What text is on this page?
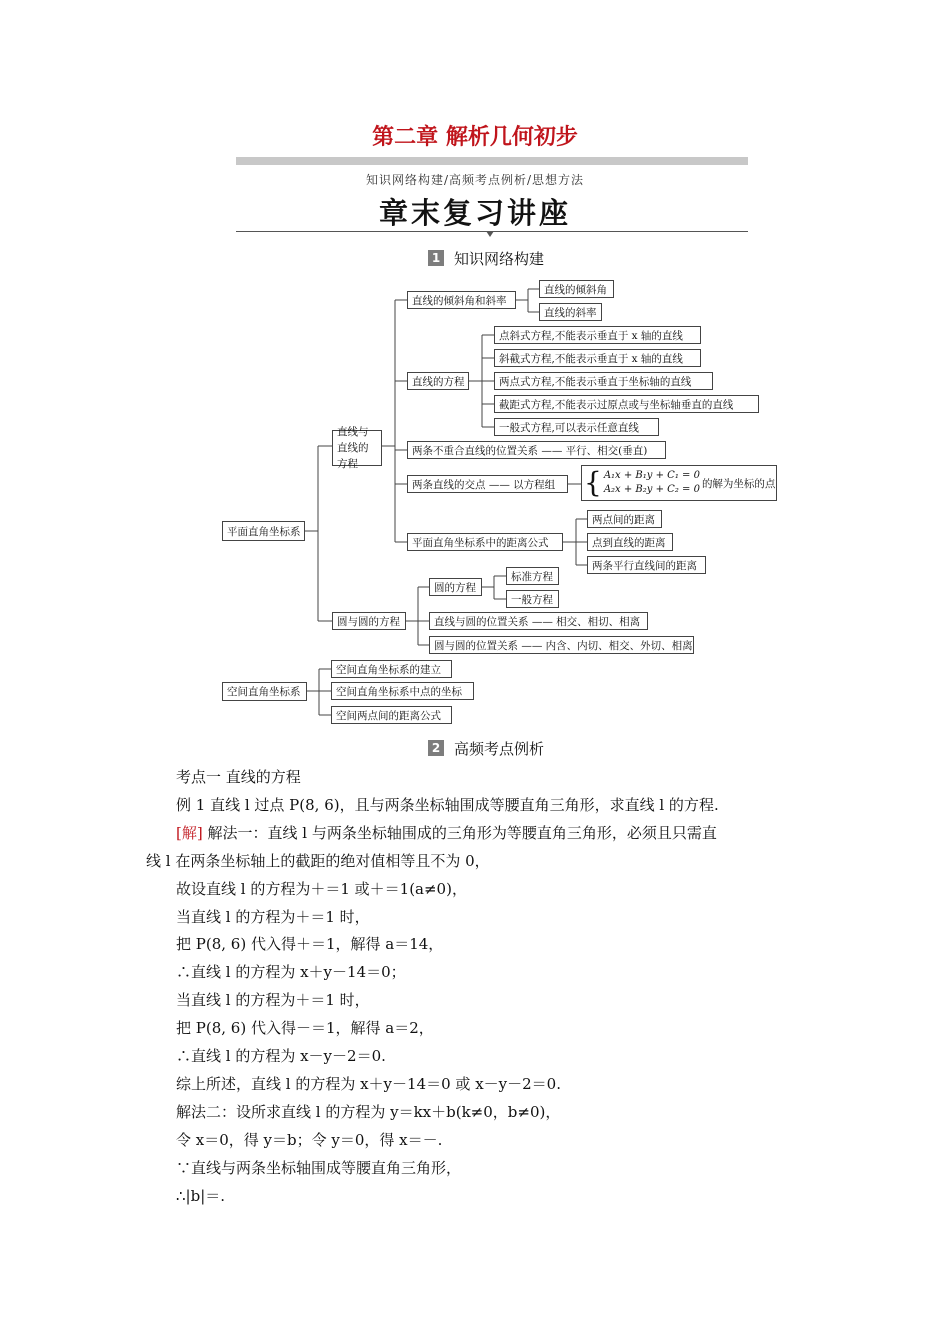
第二章 解析几何初步
知识网络构建/高频考点例析/思想方法
章末复习讲座
1 知识网络构建
平面直角坐标系
直线与直线的方程
直线的倾斜角和斜率
直线的倾斜角
直线的斜率
直线的方程
点斜式方程,不能表示垂直于 x 轴的直线
斜截式方程,不能表示垂直于 x 轴的直线
两点式方程,不能表示垂直于坐标轴的直线
截距式方程,不能表示过原点或与坐标轴垂直的直线
一般式方程,可以表示任意直线
两条不重合直线的位置关系 —— 平行、相交(垂直)
两条直线的交点 —— 以方程组	{ A₁x + B₁y + C₁ = 0
A₂x + B₂y + C₂ = 0 的解为坐标的点
平面直角坐标系中的距离公式
两点间的距离
点到直线的距离
两条平行直线间的距离
圆与圆的方程
圆的方程
标准方程
一般方程
直线与圆的位置关系 —— 相交、相切、相离
圆与圆的位置关系 —— 内含、内切、相交、外切、相离
空间直角坐标系
空间直角坐标系的建立
空间直角坐标系中点的坐标
空间两点间的距离公式
2 高频考点例析
考点一 直线的方程
例 1 直线 l 过点 P(8, 6)，且与两条坐标轴围成等腰直角三角形，求直线 l 的方程.
[解] 解法一：直线 l 与两条坐标轴围成的三角形为等腰直角三角形，必须且只需直
线 l 在两条坐标轴上的截距的绝对值相等且不为 0，
故设直线 l 的方程为＋＝1 或＋＝1(a≠0)，
当直线 l 的方程为＋＝1 时，
把 P(8, 6) 代入得＋＝1，解得 a＝14，
∴直线 l 的方程为 x＋y－14＝0；
当直线 l 的方程为＋＝1 时，
把 P(8, 6) 代入得－＝1，解得 a＝2，
∴直线 l 的方程为 x－y－2＝0.
综上所述，直线 l 的方程为 x＋y－14＝0 或 x－y－2＝0.
解法二：设所求直线 l 的方程为 y＝kx＋b(k≠0，b≠0)，
令 x＝0，得 y＝b；令 y＝0，得 x＝－.
∵直线与两条坐标轴围成等腰直角三角形，
∴|b|＝.
